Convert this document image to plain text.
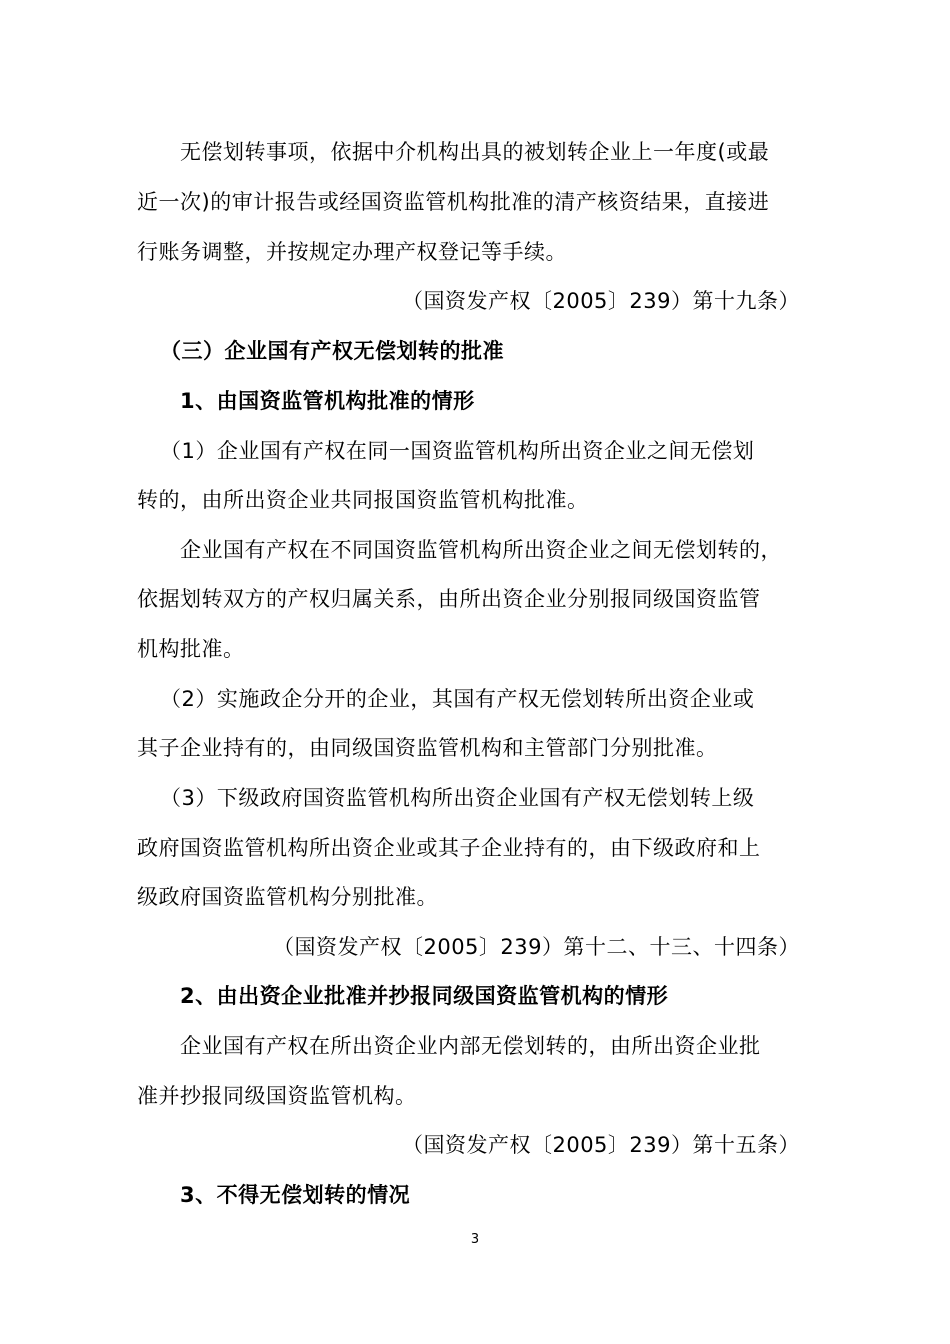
无偿划转事项，依据中介机构出具的被划转企业上一年度(或最
近一次)的审计报告或经国资监管机构批准的清产核资结果，直接进
行账务调整，并按规定办理产权登记等手续。
（国资发产权〔2005〕239）第十九条）
（三）企业国有产权无偿划转的批准
1、由国资监管机构批准的情形
（1）企业国有产权在同一国资监管机构所出资企业之间无偿划
转的，由所出资企业共同报国资监管机构批准。
企业国有产权在不同国资监管机构所出资企业之间无偿划转的，
依据划转双方的产权归属关系，由所出资企业分别报同级国资监管
机构批准。
（2）实施政企分开的企业，其国有产权无偿划转所出资企业或
其子企业持有的，由同级国资监管机构和主管部门分别批准。
（3）下级政府国资监管机构所出资企业国有产权无偿划转上级
政府国资监管机构所出资企业或其子企业持有的，由下级政府和上
级政府国资监管机构分别批准。
（国资发产权〔2005〕239）第十二、十三、十四条）
2、由出资企业批准并抄报同级国资监管机构的情形
企业国有产权在所出资企业内部无偿划转的，由所出资企业批
准并抄报同级国资监管机构。
（国资发产权〔2005〕239）第十五条）
3、不得无偿划转的情况
3
